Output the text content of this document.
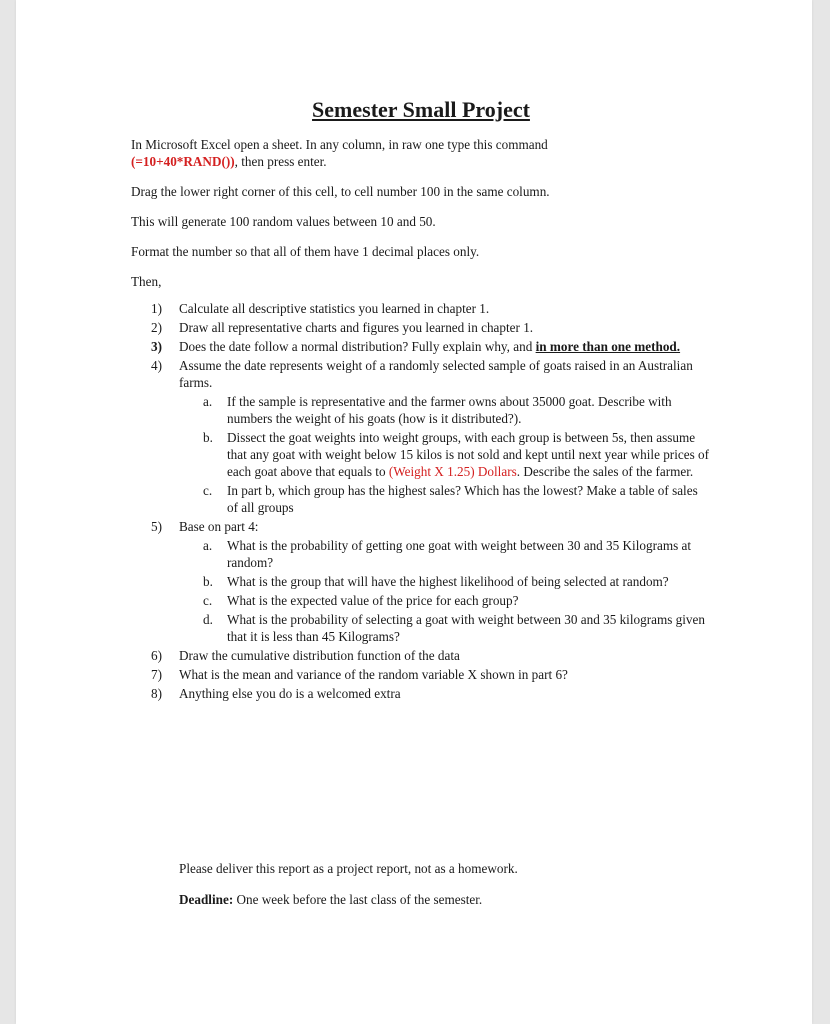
Semester Small Project

In Microsoft Excel open a sheet. In any column, in raw one type this command
(=10+40*RAND()), then press enter.

Drag the lower right corner of this cell, to cell number 100 in the same column.

This will generate 100 random values between 10 and 50.

Format the number so that all of them have 1 decimal places only.

Then,

1) Calculate all descriptive statistics you learned in chapter 1.
2) Draw all representative charts and figures you learned in chapter 1.
3) Does the date follow a normal distribution? Fully explain why, and in more than one method.
4) Assume the date represents weight of a randomly selected sample of goats raised in an Australian farms.
a. If the sample is representative and the farmer owns about 35000 goat. Describe with numbers the weight of his goats (how is it distributed?).
b. Dissect the goat weights into weight groups, with each group is between 5s, then assume that any goat with weight below 15 kilos is not sold and kept until next year while prices of each goat above that equals to (Weight X 1.25) Dollars. Describe the sales of the farmer.
c. In part b, which group has the highest sales? Which has the lowest? Make a table of sales of all groups
5) Base on part 4:
a. What is the probability of getting one goat with weight between 30 and 35 Kilograms at random?
b. What is the group that will have the highest likelihood of being selected at random?
c. What is the expected value of the price for each group?
d. What is the probability of selecting a goat with weight between 30 and 35 kilograms given that it is less than 45 Kilograms?
6) Draw the cumulative distribution function of the data
7) What is the mean and variance of the random variable X shown in part 6?
8) Anything else you do is a welcomed extra

Please deliver this report as a project report, not as a homework.

Deadline: One week before the last class of the semester.
